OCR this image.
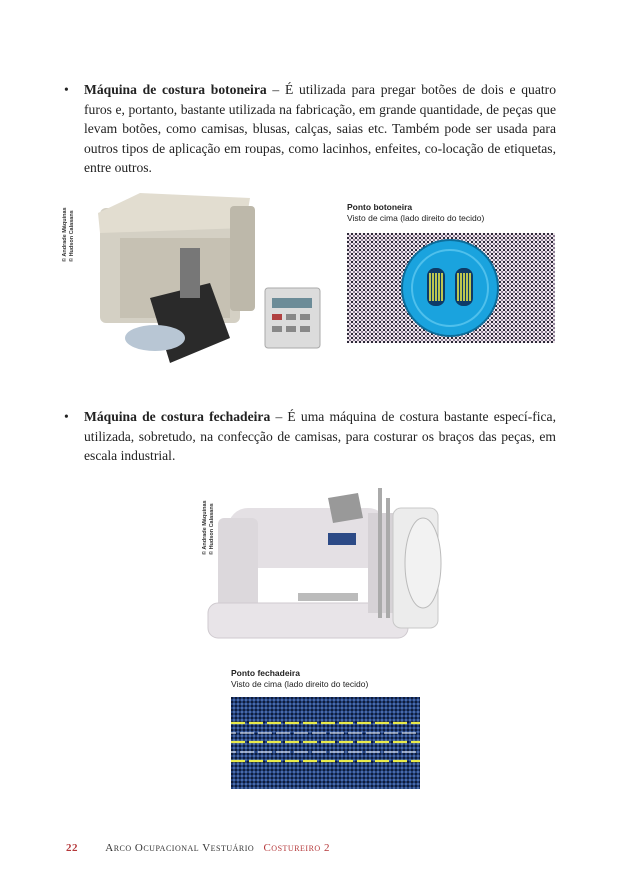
•	Máquina de costura botoneira – É utilizada para pregar botões de dois e quatro furos e, portanto, bastante utilizada na fabricação, em grande quantidade, de peças que levam botões, como camisas, blusas, calças, saias etc. Também pode ser usada para outros tipos de aplicação em roupas, como lacinhos, enfeites, co-locação de etiquetas, entre outros.
© Andrade Máquinas © Hudson Calasans
Ponto botoneira
Visto de cima (lado direito do tecido)
•	Máquina de costura fechadeira – É uma máquina de costura bastante especí-fica, utilizada, sobretudo, na confecção de camisas, para costurar os braços das peças, em escala industrial.
© Andrade Máquinas © Hudson Calasans
Ponto fechadeira
Visto de cima (lado direito do tecido)
22 Arco Ocupacional Vestuário Costureiro 2
